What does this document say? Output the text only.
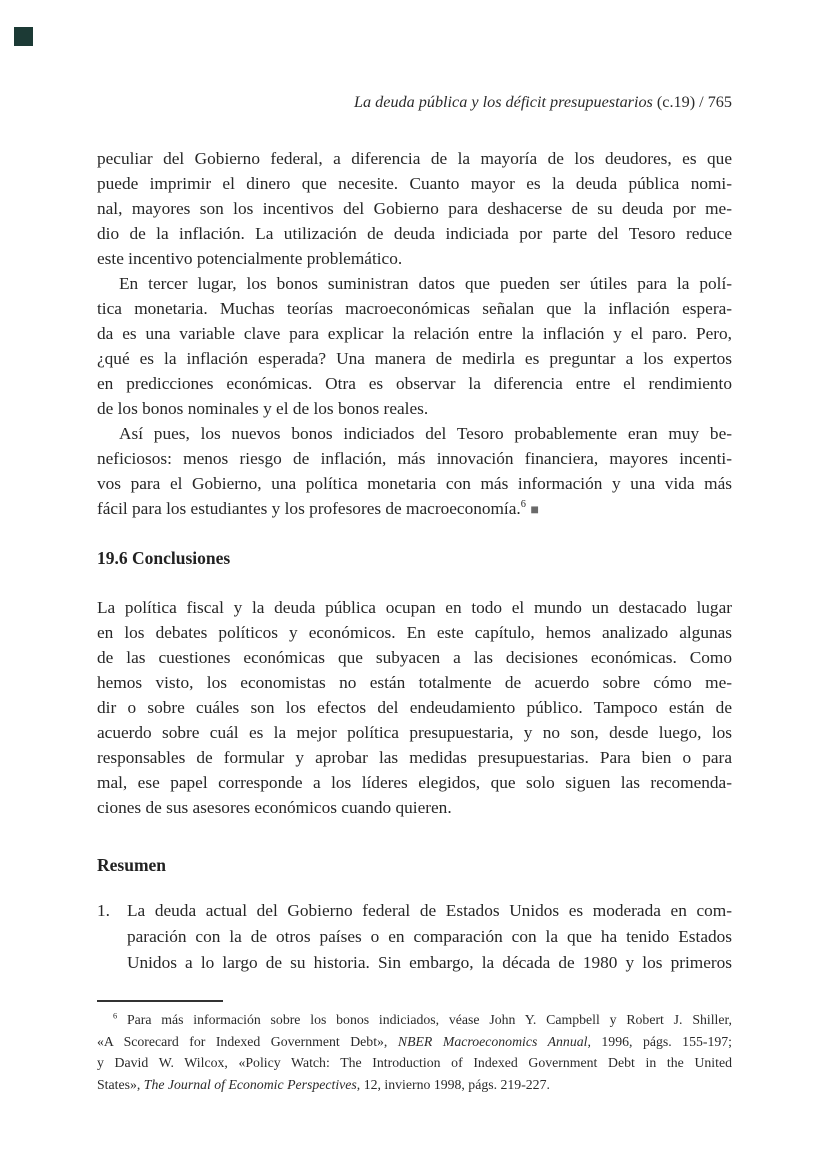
La deuda pública y los déficit presupuestarios (c.19) / 765
peculiar del Gobierno federal, a diferencia de la mayoría de los deudores, es que
puede imprimir el dinero que necesite. Cuanto mayor es la deuda pública nomi-
nal, mayores son los incentivos del Gobierno para deshacerse de su deuda por me-
dio de la inflación. La utilización de deuda indiciada por parte del Tesoro reduce
este incentivo potencialmente problemático.
En tercer lugar, los bonos suministran datos que pueden ser útiles para la polí-
tica monetaria. Muchas teorías macroeconómicas señalan que la inflación espera-
da es una variable clave para explicar la relación entre la inflación y el paro. Pero,
¿qué es la inflación esperada? Una manera de medirla es preguntar a los expertos
en predicciones económicas. Otra es observar la diferencia entre el rendimiento
de los bonos nominales y el de los bonos reales.
Así pues, los nuevos bonos indiciados del Tesoro probablemente eran muy be-
neficiosos: menos riesgo de inflación, más innovación financiera, mayores incenti-
vos para el Gobierno, una política monetaria con más información y una vida más
fácil para los estudiantes y los profesores de macroeconomía.$^6$ ■
19.6 Conclusiones
La política fiscal y la deuda pública ocupan en todo el mundo un destacado lugar
en los debates políticos y económicos. En este capítulo, hemos analizado algunas
de las cuestiones económicas que subyacen a las decisiones económicas. Como
hemos visto, los economistas no están totalmente de acuerdo sobre cómo me-
dir o sobre cuáles son los efectos del endeudamiento público. Tampoco están de
acuerdo sobre cuál es la mejor política presupuestaria, y no son, desde luego, los
responsables de formular y aprobar las medidas presupuestarias. Para bien o para
mal, ese papel corresponde a los líderes elegidos, que solo siguen las recomenda-
ciones de sus asesores económicos cuando quieren.
Resumen
1. La deuda actual del Gobierno federal de Estados Unidos es moderada en com-
paración con la de otros países o en comparación con la que ha tenido Estados
Unidos a lo largo de su historia. Sin embargo, la década de 1980 y los primeros
$^6$ Para más información sobre los bonos indiciados, véase John Y. Campbell y Robert J. Shiller,
«A Scorecard for Indexed Government Debt», NBER Macroeconomics Annual, 1996, págs. 155-197;
y David W. Wilcox, «Policy Watch: The Introduction of Indexed Government Debt in the United
States», The Journal of Economic Perspectives, 12, invierno 1998, págs. 219-227.
